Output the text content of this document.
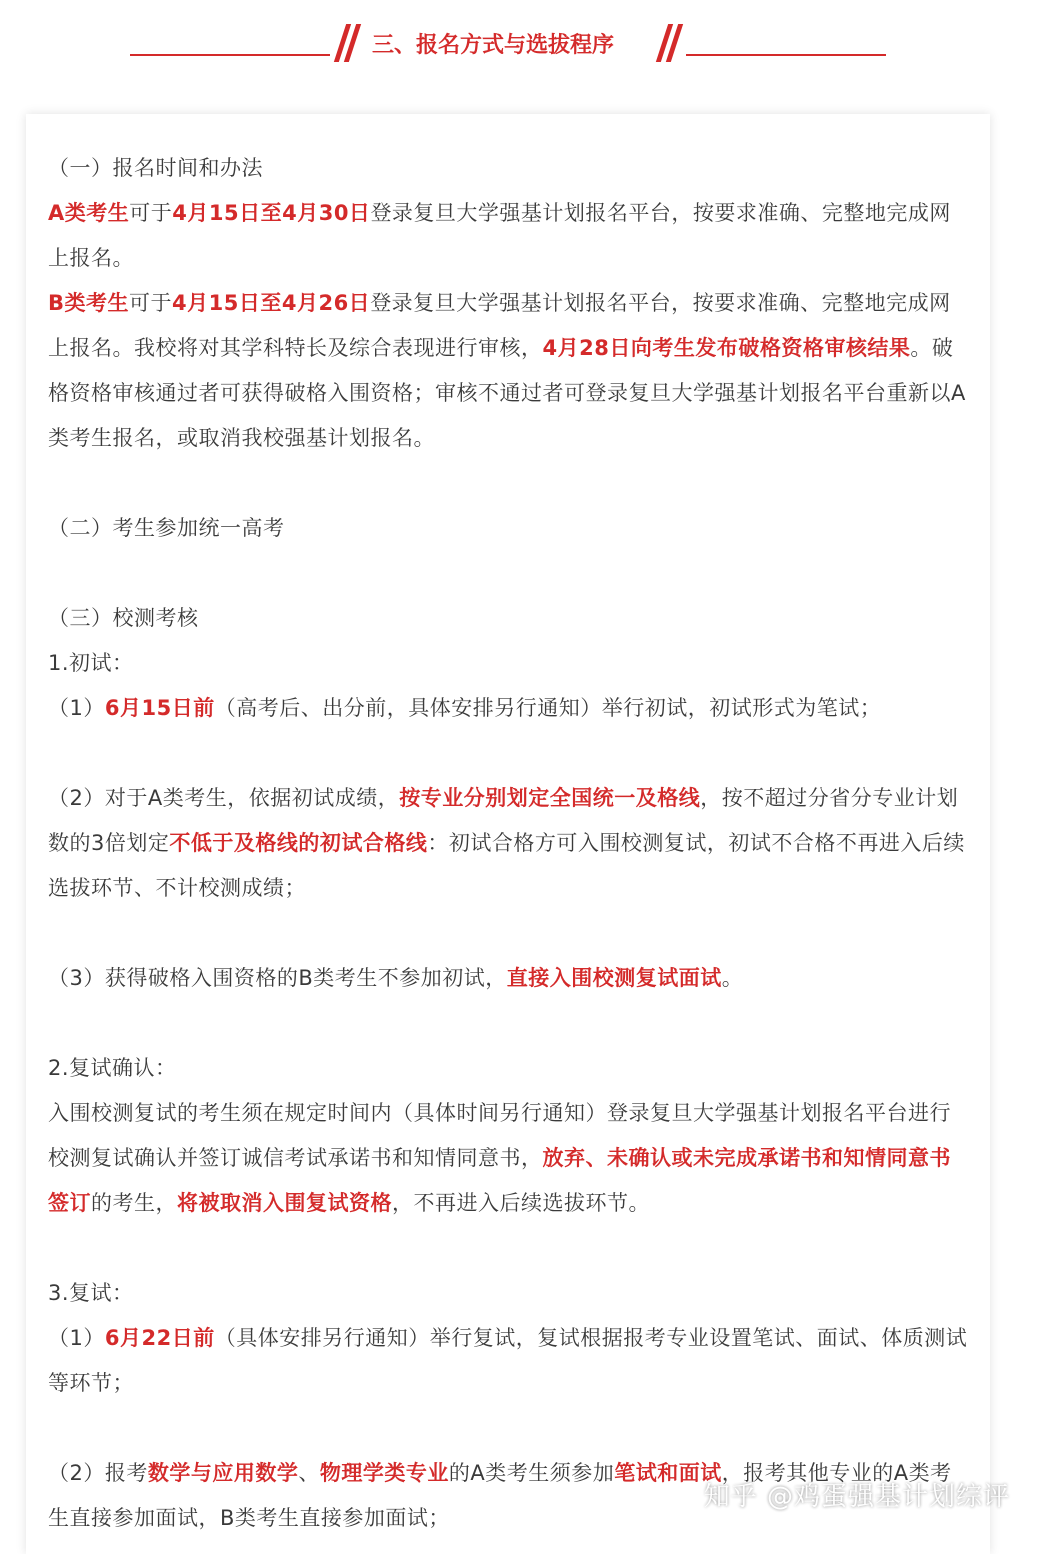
三、报名方式与选拔程序

（一）报名时间和办法

A类考生可于4月15日至4月30日登录复旦大学强基计划报名平台，按要求准确、完整地完成网上报名。

B类考生可于4月15日至4月26日登录复旦大学强基计划报名平台，按要求准确、完整地完成网上报名。我校将对其学科特长及综合表现进行审核，4月28日向考生发布破格资格审核结果。破格资格审核通过者可获得破格入围资格；审核不通过者可登录复旦大学强基计划报名平台重新以A类考生报名，或取消我校强基计划报名。

（二）考生参加统一高考

（三）校测考核

1.初试：

（1）6月15日前（高考后、出分前，具体安排另行通知）举行初试，初试形式为笔试；

（2）对于A类考生，依据初试成绩，按专业分别划定全国统一及格线，按不超过分省分专业计划数的3倍划定不低于及格线的初试合格线：初试合格方可入围校测复试，初试不合格不再进入后续选拔环节、不计校测成绩；

（3）获得破格入围资格的B类考生不参加初试，直接入围校测复试面试。

2.复试确认：

入围校测复试的考生须在规定时间内（具体时间另行通知）登录复旦大学强基计划报名平台进行校测复试确认并签订诚信考试承诺书和知情同意书，放弃、未确认或未完成承诺书和知情同意书签订的考生，将被取消入围复试资格，不再进入后续选拔环节。

3.复试：

（1）6月22日前（具体安排另行通知）举行复试，复试根据报考专业设置笔试、面试、体质测试等环节；

（2）报考数学与应用数学、物理学类专业的A类考生须参加笔试和面试，报考其他专业的A类考生直接参加面试，B类考生直接参加面试；

知乎 @鸡蛋强基计划综评
